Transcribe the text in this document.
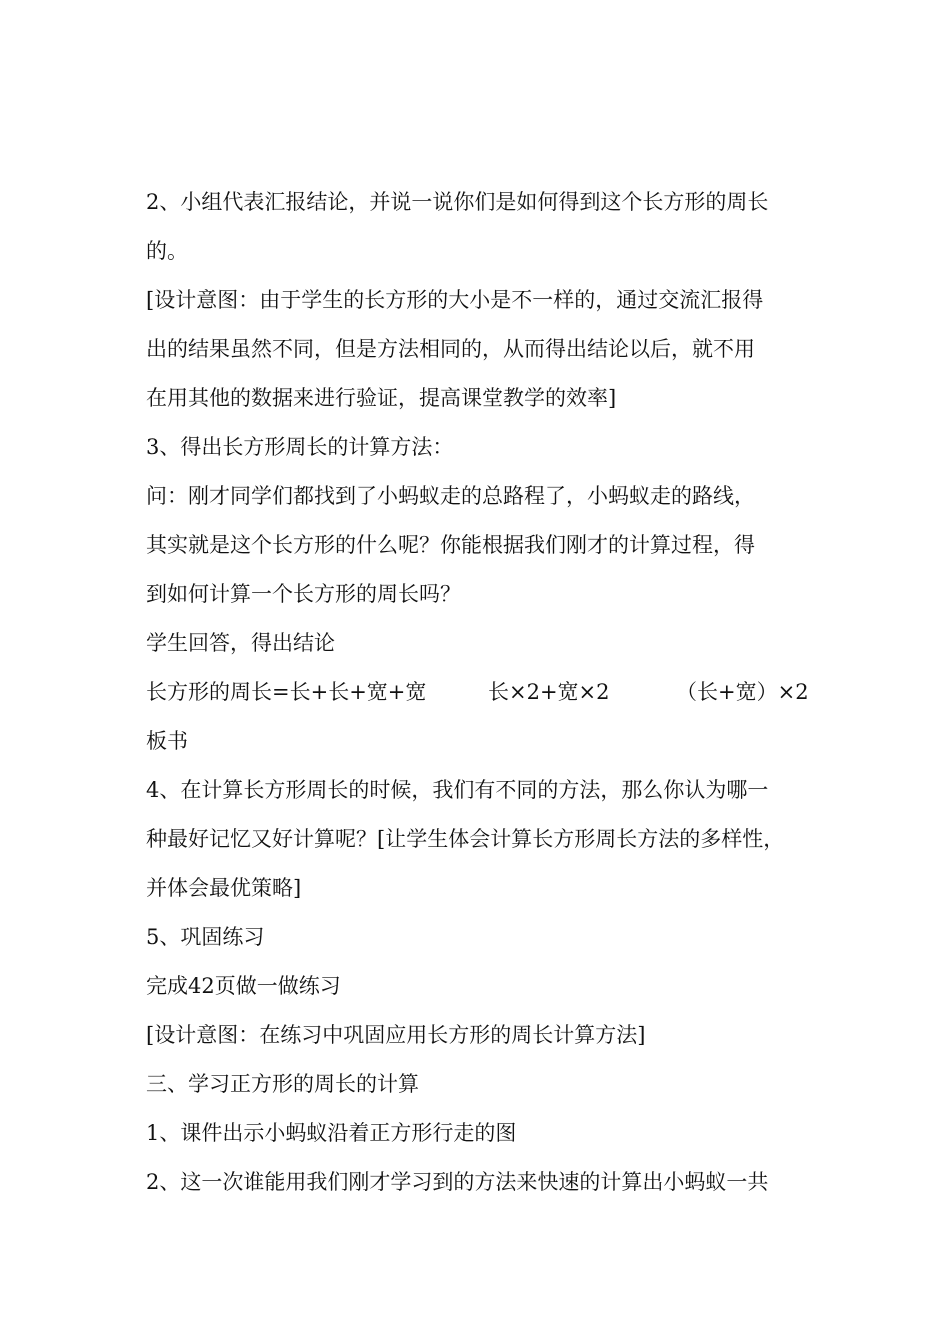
2、小组代表汇报结论，并说一说你们是如何得到这个长方形的周长
的。
[设计意图：由于学生的长方形的大小是不一样的，通过交流汇报得
出的结果虽然不同，但是方法相同的，从而得出结论以后，就不用
在用其他的数据来进行验证，提高课堂教学的效率]
3、得出长方形周长的计算方法：
问：刚才同学们都找到了小蚂蚁走的总路程了，小蚂蚁走的路线，
其实就是这个长方形的什么呢？你能根据我们刚才的计算过程，得
到如何计算一个长方形的周长吗？
学生回答，得出结论
长方形的周长=长+长+宽+宽	长×2+宽×2	（长+宽）×2
板书
4、在计算长方形周长的时候，我们有不同的方法，那么你认为哪一
种最好记忆又好计算呢？[让学生体会计算长方形周长方法的多样性，
并体会最优策略]
5、巩固练习
完成42页做一做练习
[设计意图：在练习中巩固应用长方形的周长计算方法]
三、学习正方形的周长的计算
1、课件出示小蚂蚁沿着正方形行走的图
2、这一次谁能用我们刚才学习到的方法来快速的计算出小蚂蚁一共
